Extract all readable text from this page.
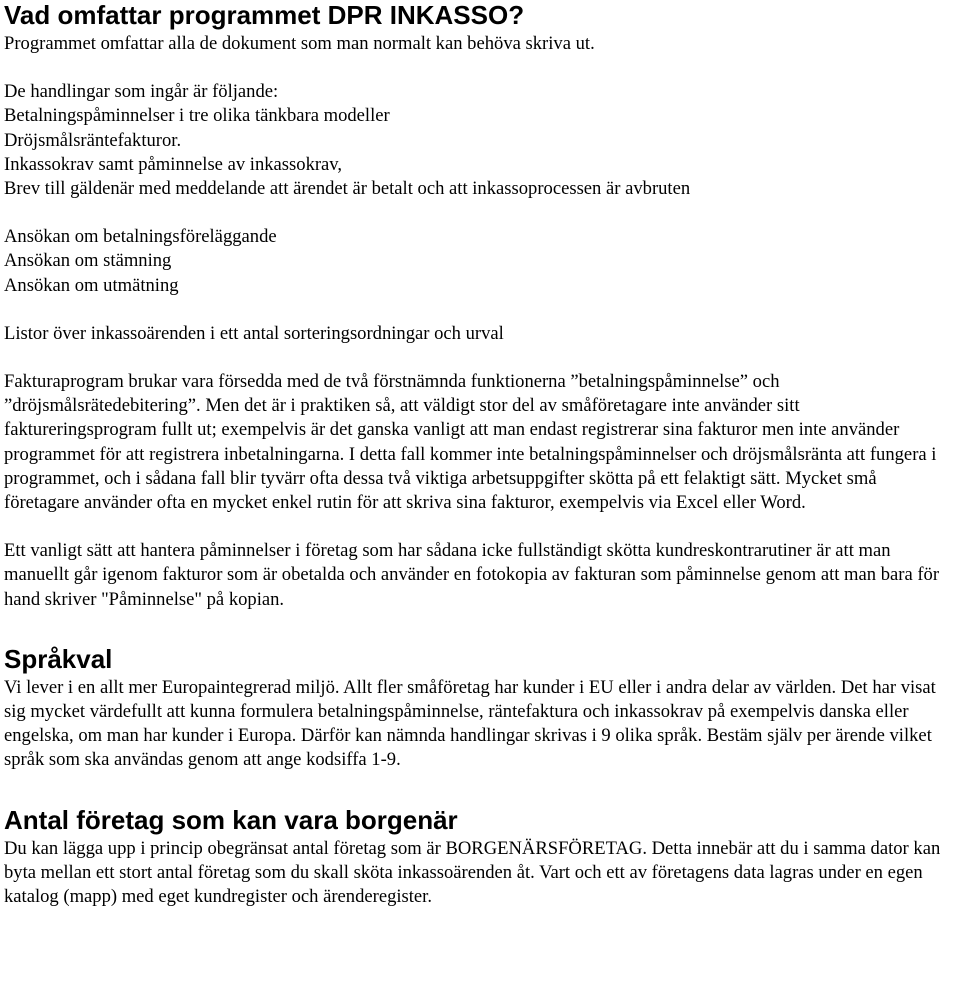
Vad omfattar programmet DPR INKASSO?

Programmet omfattar alla de dokument som man normalt kan behöva skriva ut.

De handlingar som ingår är följande:

Betalningspåminnelser i tre olika tänkbara modeller

Dröjsmålsräntefakturor.

Inkassokrav samt påminnelse av inkassokrav,

Brev till gäldenär med meddelande att ärendet är betalt och att inkassoprocessen är avbruten

Ansökan om betalningsföreläggande

Ansökan om stämning

Ansökan om utmätning

Listor över inkassoärenden i ett antal sorteringsordningar och urval

Fakturaprogram brukar vara försedda med de två förstnämnda funktionerna ”betalningspåminnelse” och ”dröjsmålsrätedebitering”. Men det är i praktiken så, att väldigt stor del av småföretagare inte använder sitt faktureringsprogram fullt ut; exempelvis är det ganska vanligt att man endast registrerar sina fakturor men inte använder programmet för att registrera inbetalningarna. I detta fall kommer inte betalningspåminnelser och dröjsmålsränta att fungera i programmet, och i sådana fall blir tyvärr ofta dessa två viktiga arbetsuppgifter skötta på ett felaktigt sätt. Mycket små företagare använder ofta en mycket enkel rutin för att skriva sina fakturor, exempelvis via Excel eller Word.

Ett vanligt sätt att hantera påminnelser i företag som har sådana icke fullständigt skötta kundreskontrarutiner är att man manuellt går igenom fakturor som är obetalda och använder en fotokopia av fakturan som påminnelse genom att man bara för hand skriver "Påminnelse" på kopian.

Språkval

Vi lever i en allt mer Europaintegrerad miljö. Allt fler småföretag har kunder i EU eller i andra delar av världen. Det har visat sig mycket värdefullt att kunna formulera betalningspåminnelse, räntefaktura och inkassokrav på exempelvis danska eller engelska, om man har kunder i Europa. Därför kan nämnda handlingar skrivas i 9 olika språk. Bestäm själv per ärende vilket språk som ska användas genom att ange kodsiffa 1-9.

Antal företag som kan vara borgenär

Du kan lägga upp i princip obegränsat antal företag som är BORGENÄRSFÖRETAG. Detta innebär att du i samma dator kan byta mellan ett stort antal företag som du skall sköta inkassoärenden åt. Vart och ett av företagens data lagras under en egen katalog (mapp) med eget kundregister och ärenderegister.
